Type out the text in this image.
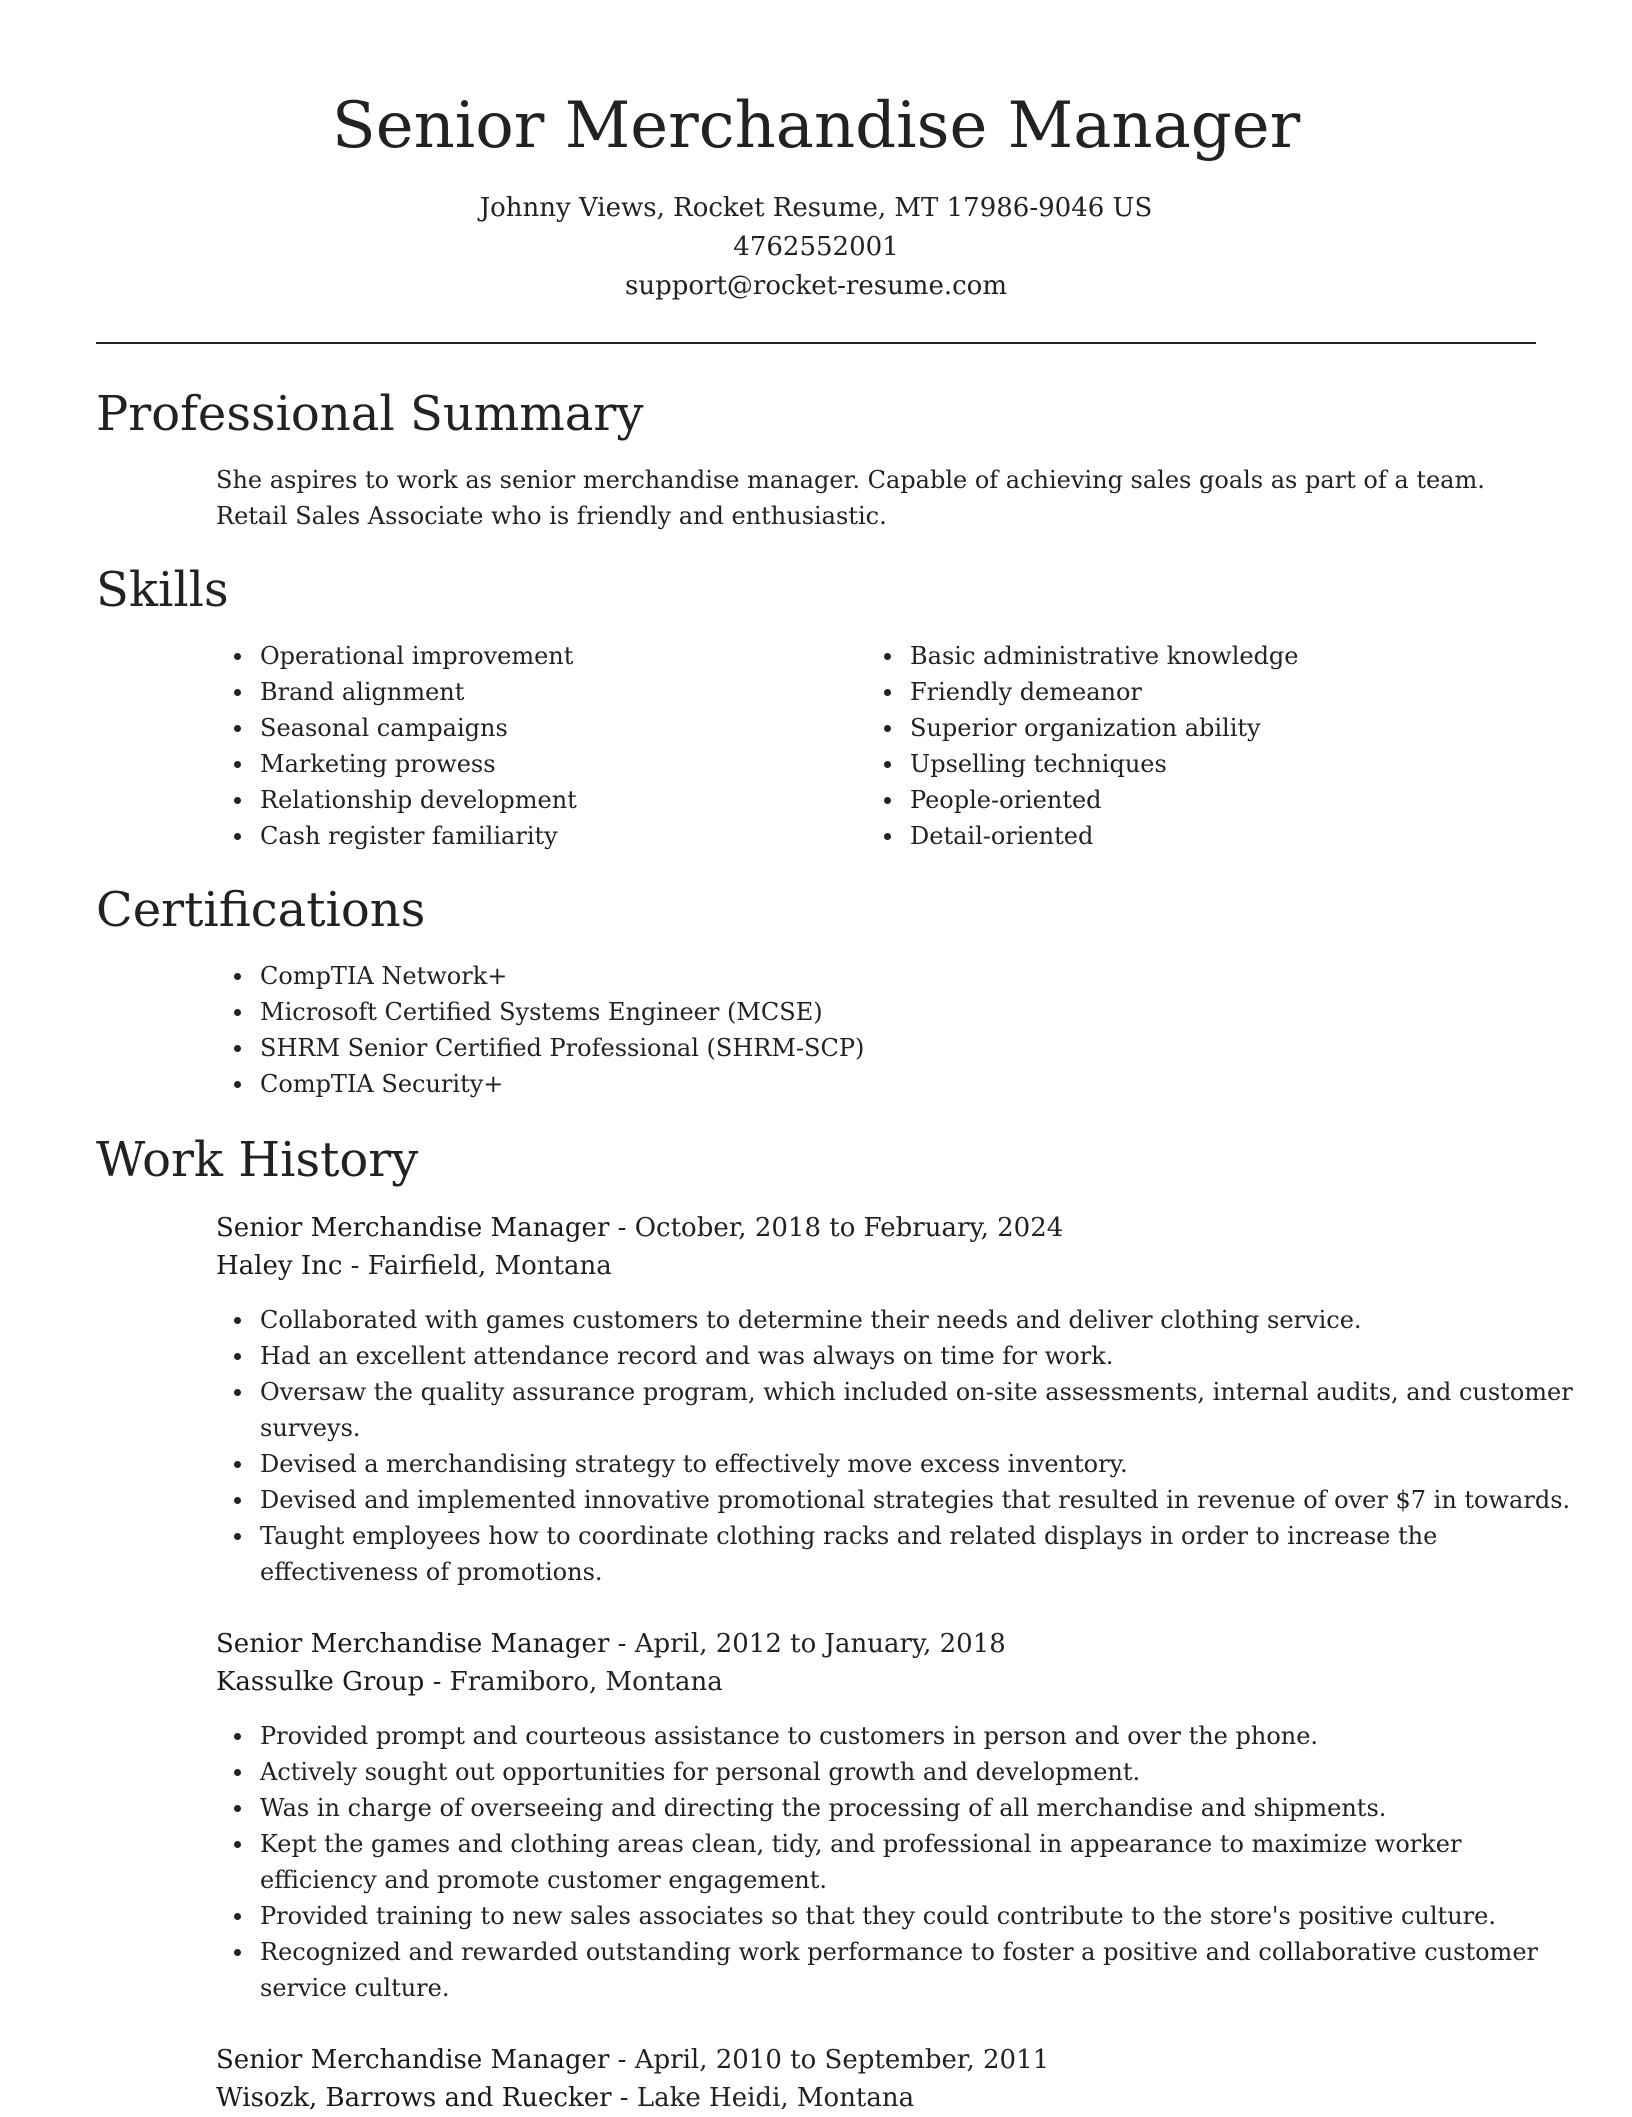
Senior Merchandise Manager
Johnny Views, Rocket Resume, MT 17986-9046 US
4762552001
support@rocket-resume.com
Professional Summary

She aspires to work as senior merchandise manager. Capable of achieving sales goals as part of a team. Retail Sales Associate who is friendly and enthusiastic.

Skills
Operational improvement
Brand alignment
Seasonal campaigns
Marketing prowess
Relationship development
Cash register familiarity
Basic administrative knowledge
Friendly demeanor
Superior organization ability
Upselling techniques
People-oriented
Detail-oriented
Certifications
CompTIA Network+
Microsoft Certified Systems Engineer (MCSE)
SHRM Senior Certified Professional (SHRM-SCP)
CompTIA Security+
Work History
Senior Merchandise Manager - October, 2018 to February, 2024
Haley Inc - Fairfield, Montana
Collaborated with games customers to determine their needs and deliver clothing service.
Had an excellent attendance record and was always on time for work.
Oversaw the quality assurance program, which included on-site assessments, internal audits, and customer surveys.
Devised a merchandising strategy to effectively move excess inventory.
Devised and implemented innovative promotional strategies that resulted in revenue of over $7 in towards.
Taught employees how to coordinate clothing racks and related displays in order to increase the effectiveness of promotions.
Senior Merchandise Manager - April, 2012 to January, 2018
Kassulke Group - Framiboro, Montana
Provided prompt and courteous assistance to customers in person and over the phone.
Actively sought out opportunities for personal growth and development.
Was in charge of overseeing and directing the processing of all merchandise and shipments.
Kept the games and clothing areas clean, tidy, and professional in appearance to maximize worker efficiency and promote customer engagement.
Provided training to new sales associates so that they could contribute to the store's positive culture.
Recognized and rewarded outstanding work performance to foster a positive and collaborative customer service culture.
Senior Merchandise Manager - April, 2010 to September, 2011
Wisozk, Barrows and Ruecker - Lake Heidi, Montana
